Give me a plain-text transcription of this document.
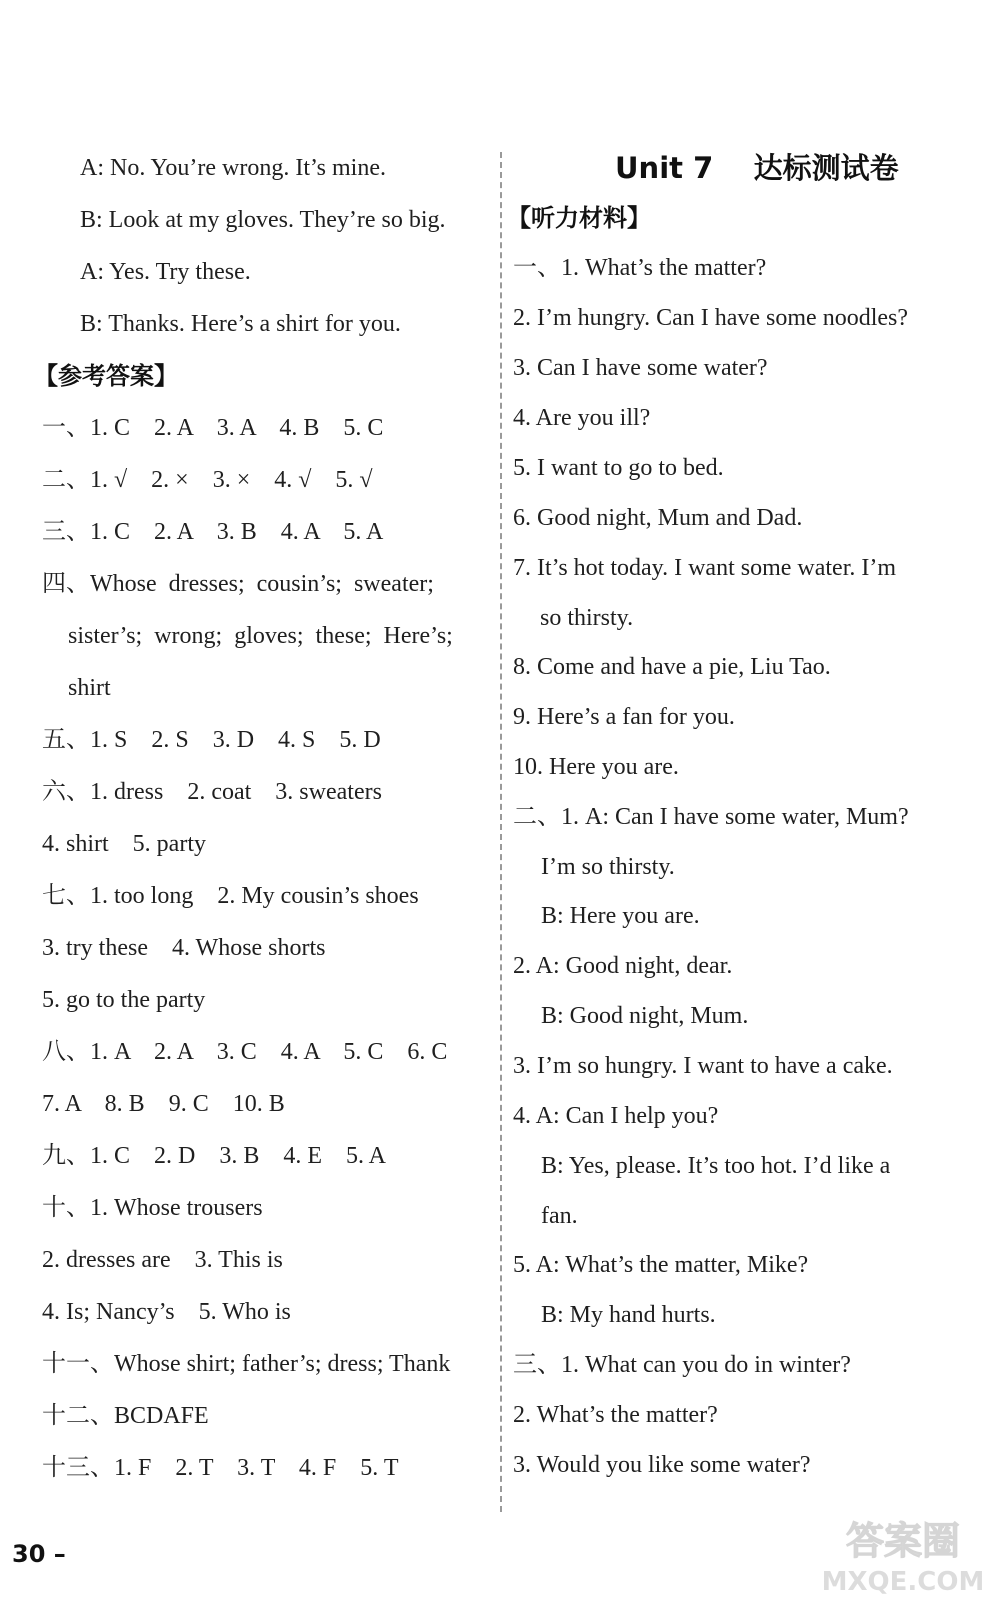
A: No. You’re wrong. It’s mine.
B: Look at my gloves. They’re so big.
A: Yes. Try these.
B: Thanks. Here’s a shirt for you.
【参考答案】
一、1. C    2. A    3. A    4. B    5. C
二、1. √    2. ×    3. ×    4. √    5. √
三、1. C    2. A    3. B    4. A    5. A
四、Whose  dresses;  cousin’s;  sweater;
sister’s;  wrong;  gloves;  these;  Here’s;
shirt
五、1. S    2. S    3. D    4. S    5. D
六、1. dress    2. coat    3. sweaters
4. shirt    5. party
七、1. too long    2. My cousin’s shoes
3. try these    4. Whose shorts
5. go to the party
八、1. A    2. A    3. C    4. A    5. C    6. C
7. A    8. B    9. C    10. B
九、1. C    2. D    3. B    4. E    5. A
十、1. Whose trousers
2. dresses are    3. This is
4. Is; Nancy’s    5. Who is
十一、Whose shirt; father’s; dress; Thank
十二、BCDAFE
十三、1. F    2. T    3. T    4. F    5. T
Unit 7    达标测试卷
【听力材料】
一、1. What’s the matter?
2. I’m hungry. Can I have some noodles?
3. Can I have some water?
4. Are you ill?
5. I want to go to bed.
6. Good night, Mum and Dad.
7. It’s hot today. I want some water. I’m
so thirsty.
8. Come and have a pie, Liu Tao.
9. Here’s a fan for you.
10. Here you are.
二、1. A: Can I have some water, Mum?
I’m so thirsty.
B: Here you are.
2. A: Good night, dear.
B: Good night, Mum.
3. I’m so hungry. I want to have a cake.
4. A: Can I help you?
B: Yes, please. It’s too hot. I’d like a
fan.
5. A: What’s the matter, Mike?
B: My hand hurts.
三、1. What can you do in winter?
2. What’s the matter?
3. Would you like some water?
30 –	答案圈
MXQE.COM
